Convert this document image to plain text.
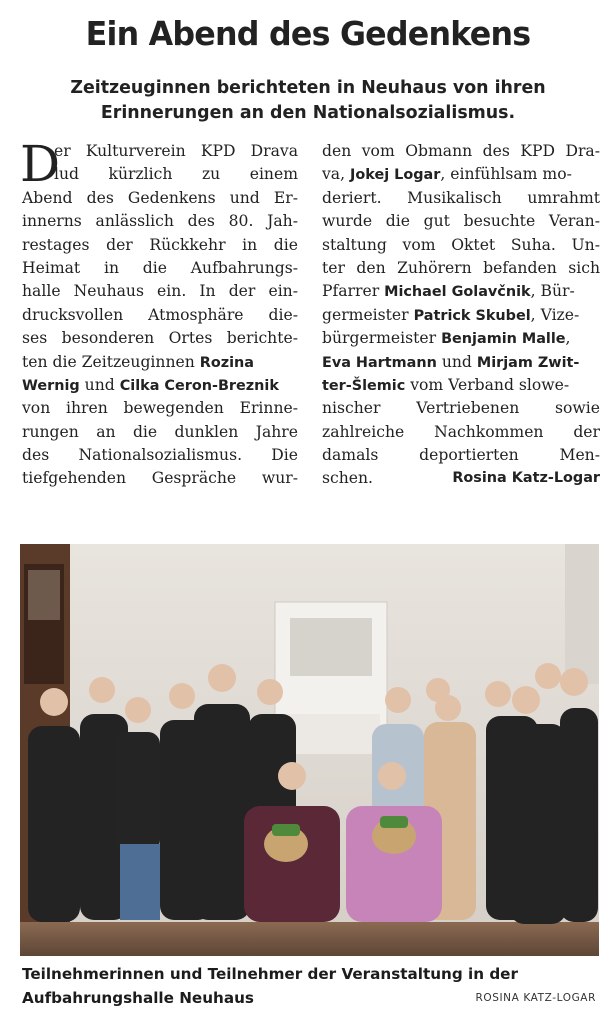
Ein Abend des Gedenkens
Zeitzeuginnen berichteten in Neuhaus von ihren
Erinnerungen an den Nationalsozialismus.
D
er Kulturverein KPD Drava
lud kürzlich zu einem
Abend des Gedenkens und Er-
innerns anlässlich des 80. Jah-
restages der Rückkehr in die
Heimat in die Aufbahrungs-
halle Neuhaus ein. In der ein-
drucksvollen Atmosphäre die-
ses besonderen Ortes berichte-
ten die Zeitzeuginnen Rozina
Wernig und Cilka Ceron-Breznik
von ihren bewegenden Erinne-
rungen an die dunklen Jahre
des Nationalsozialismus. Die
tiefgehenden Gespräche wur-
den vom Obmann des KPD Dra-
va, Jokej Logar, einfühlsam mo-
deriert. Musikalisch umrahmt
wurde die gut besuchte Veran-
staltung vom Oktet Suha. Un-
ter den Zuhörern befanden sich
Pfarrer Michael Golavčnik, Bür-
germeister Patrick Skubel, Vize-
bürgermeister Benjamin Malle,
Eva Hartmann und Mirjam Zwit-
ter-Šlemic vom Verband slowe-
nischer Vertriebenen sowie
zahlreiche Nachkommen der
damals deportierten Men-
schen.	Rosina Katz-Logar
Teilnehmerinnen und Teilnehmer der Veranstaltung in der
Aufbahrungshalle Neuhaus	ROSINA KATZ-LOGAR
